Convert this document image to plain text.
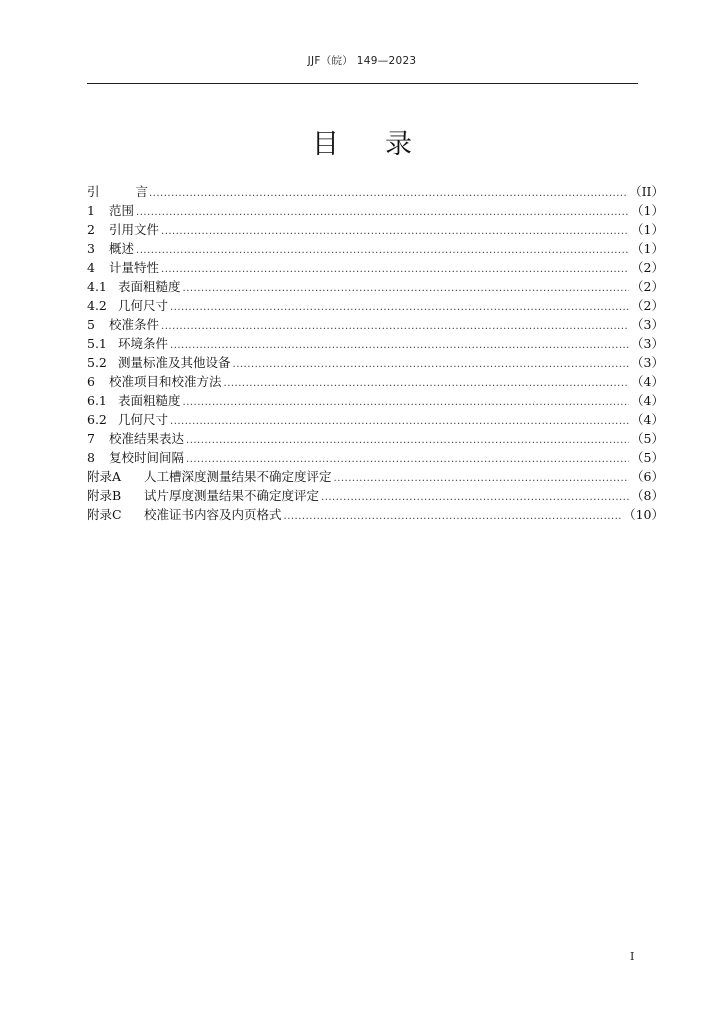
JJF（皖） 149—2023
目录
引	言 .....	（II）
1	范围 .....	（1）
2	引用文件 .....	（1）
3	概述 .....	（1）
4	计量特性 .....	（2）
4.1 表面粗糙度 .....	（2）
4.2 几何尺寸 .....	（2）
5	校准条件 .....	（3）
5.1 环境条件 .....	（3）
5.2 测量标准及其他设备 .....	（3）
6	校准项目和校准方法 .....	（4）
6.1 表面粗糙度 .....	（4）
6.2 几何尺寸 .....	（4）
7	校准结果表达 .....	（5）
8	复校时间间隔 .....	（5）
附录A	人工槽深度测量结果不确定度评定 .....	（6）
附录B	试片厚度测量结果不确定度评定 .....	（8）
附录C	校准证书内容及内页格式 .....	（10）
I
